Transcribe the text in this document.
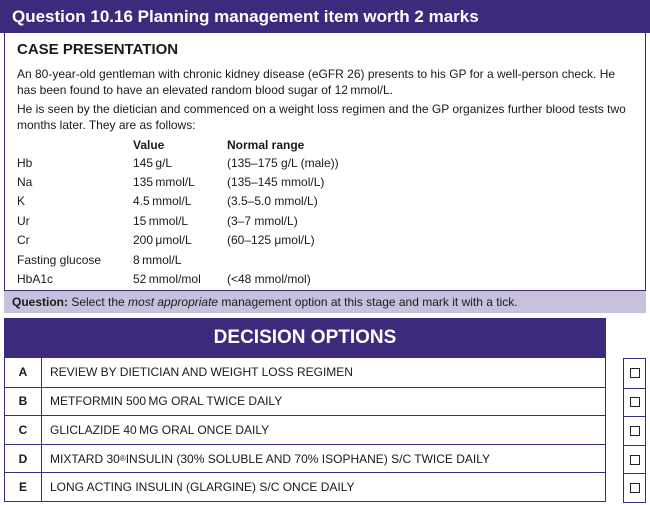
Question 10.16 Planning management item worth 2 marks
CASE PRESENTATION

An 80-year-old gentleman with chronic kidney disease (eGFR 26) presents to his GP for a well-person check. He has been found to have an elevated random blood sugar of 12 mmol/L.

He is seen by the dietician and commenced on a weight loss regimen and the GP organizes further blood tests two months later. They are as follows:

	Value	Normal range
Hb	145 g/L	(135–175 g/L (male))
Na	135 mmol/L	(135–145 mmol/L)
K	4.5 mmol/L	(3.5–5.0 mmol/L)
Ur	15 mmol/L	(3–7 mmol/L)
Cr	200 μmol/L	(60–125 μmol/L)
Fasting glucose	8 mmol/L	
HbA1c	52 mmol/mol	(<48 mmol/mol)
Question: Select the most appropriate management option at this stage and mark it with a tick.
DECISION OPTIONS
A	REVIEW BY DIETICIAN AND WEIGHT LOSS REGIMEN
B	METFORMIN 500 MG ORAL TWICE DAILY
C	GLICLAZIDE 40 MG ORAL ONCE DAILY
D	MIXTARD 30 ® INSULIN (30% SOLUBLE AND 70% ISOPHANE) S/C TWICE DAILY
E	LONG ACTING INSULIN (GLARGINE) S/C ONCE DAILY
